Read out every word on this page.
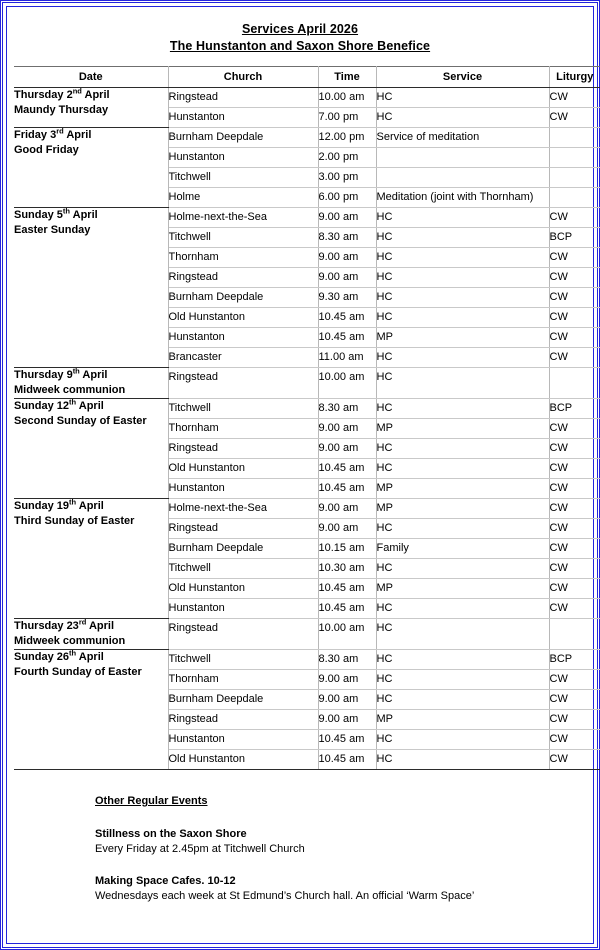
Services April 2026
The Hunstanton and Saxon Shore Benefice
Date	Church	Time	Service	Liturgy

Thursday 2nd April
Maundy Thursday	Ringstead	10.00 am	HC	CW
	Hunstanton	7.00 pm	HC	CW

Friday 3rd April
Good Friday	Burnham Deepdale	12.00 pm	Service of meditation	
	Hunstanton	2.00 pm		
	Titchwell	3.00 pm		
	Holme	6.00 pm	Meditation (joint with Thornham)	

Sunday 5th April
Easter Sunday	Holme-next-the-Sea	9.00 am	HC	CW
	Titchwell	8.30 am	HC	BCP
	Thornham	9.00 am	HC	CW
	Ringstead	9.00 am	HC	CW
	Burnham Deepdale	9.30 am	HC	CW
	Old Hunstanton	10.45 am	HC	CW
	Hunstanton	10.45 am	MP	CW
	Brancaster	11.00 am	HC	CW

Thursday 9th April
Midweek communion	Ringstead	10.00 am	HC	

Sunday 12th April
Second Sunday of Easter	Titchwell	8.30 am	HC	BCP
	Thornham	9.00 am	MP	CW
	Ringstead	9.00 am	HC	CW
	Old Hunstanton	10.45 am	HC	CW
	Hunstanton	10.45 am	MP	CW

Sunday 19th April
Third Sunday of Easter	Holme-next-the-Sea	9.00 am	MP	CW
	Ringstead	9.00 am	HC	CW
	Burnham Deepdale	10.15 am	Family	CW
	Titchwell	10.30 am	HC	CW
	Old Hunstanton	10.45 am	MP	CW
	Hunstanton	10.45 am	HC	CW

Thursday 23rd April
Midweek communion	Ringstead	10.00 am	HC	

Sunday 26th April
Fourth Sunday of Easter	Titchwell	8.30 am	HC	BCP
	Thornham	9.00 am	HC	CW
	Burnham Deepdale	9.00 am	HC	CW
	Ringstead	9.00 am	MP	CW
	Hunstanton	10.45 am	HC	CW
	Old Hunstanton	10.45 am	HC	CW
Other Regular Events
Stillness on the Saxon Shore
Every Friday at 2.45pm at Titchwell Church
Making Space Cafes. 10-12
Wednesdays each week at St Edmund’s Church hall. An official ‘Warm Space’
